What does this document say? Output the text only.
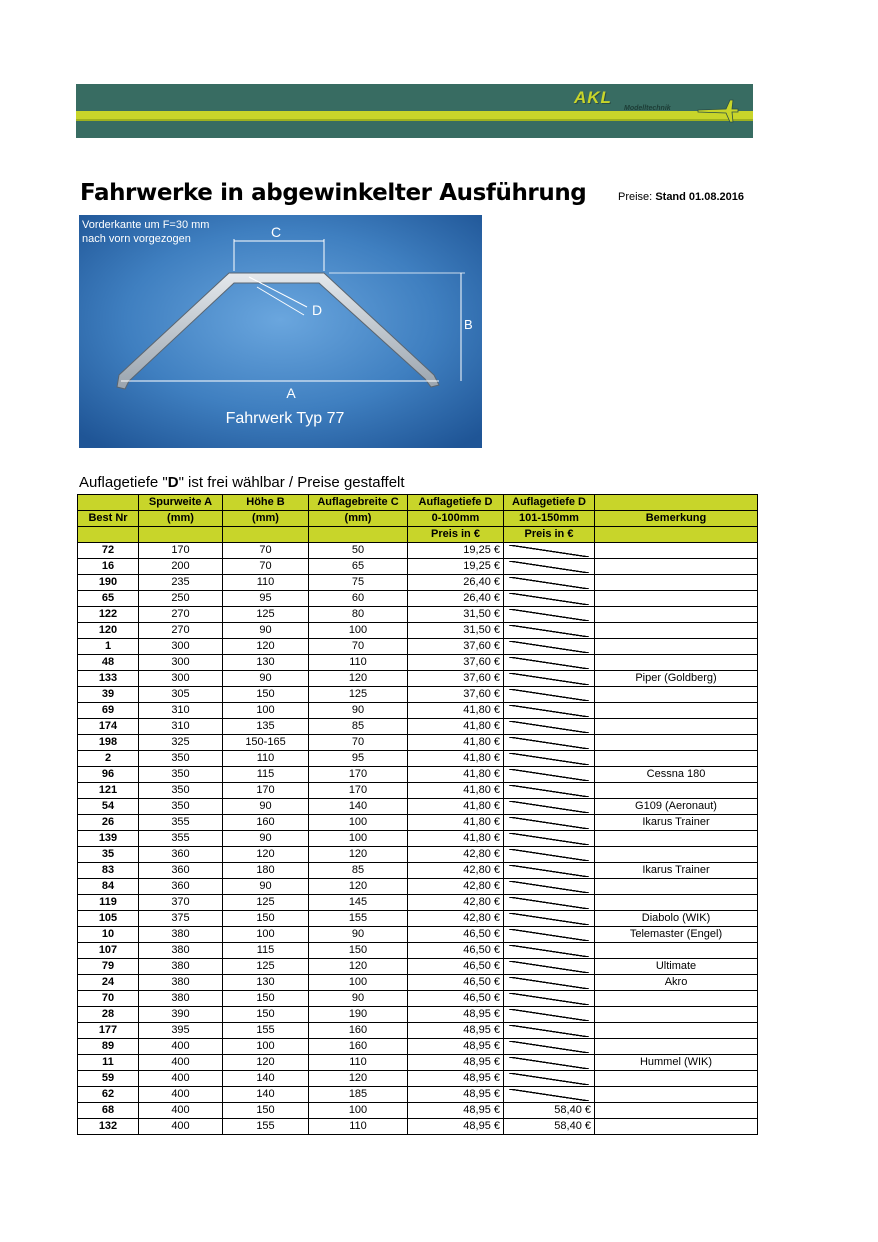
AKL
Modelltechnik
Fahrwerke in abgewinkelter Ausführung	Preise: Stand 01.08.2016
C
D
B
A
Vorderkante um F=30 mm
nach vorn vorgezogen
Fahrwerk Typ 77
Auflagetiefe "D" ist frei wählbar / Preise gestaffelt
	Spurweite A	Höhe B	Auflagebreite C	Auflagetiefe D	Auflagetiefe D	
Best Nr	(mm)	(mm)	(mm)	0-100mm	101-150mm	Bemerkung
				Preis in €	Preis in €	
72	170	70	50	19,25 €		
16	200	70	65	19,25 €		
190	235	110	75	26,40 €		
65	250	95	60	26,40 €		
122	270	125	80	31,50 €		
120	270	90	100	31,50 €		
1	300	120	70	37,60 €		
48	300	130	110	37,60 €		
133	300	90	120	37,60 €		Piper (Goldberg)
39	305	150	125	37,60 €		
69	310	100	90	41,80 €		
174	310	135	85	41,80 €		
198	325	150-165	70	41,80 €		
2	350	110	95	41,80 €		
96	350	115	170	41,80 €		Cessna 180
121	350	170	170	41,80 €		
54	350	90	140	41,80 €		G109 (Aeronaut)
26	355	160	100	41,80 €		Ikarus Trainer
139	355	90	100	41,80 €		
35	360	120	120	42,80 €		
83	360	180	85	42,80 €		Ikarus Trainer
84	360	90	120	42,80 €		
119	370	125	145	42,80 €		
105	375	150	155	42,80 €		Diabolo (WIK)
10	380	100	90	46,50 €		Telemaster (Engel)
107	380	115	150	46,50 €		
79	380	125	120	46,50 €		Ultimate
24	380	130	100	46,50 €		Akro
70	380	150	90	46,50 €		
28	390	150	190	48,95 €		
177	395	155	160	48,95 €		
89	400	100	160	48,95 €		
11	400	120	110	48,95 €		Hummel (WIK)
59	400	140	120	48,95 €		
62	400	140	185	48,95 €		
68	400	150	100	48,95 €	58,40 €	
132	400	155	110	48,95 €	58,40 €	
